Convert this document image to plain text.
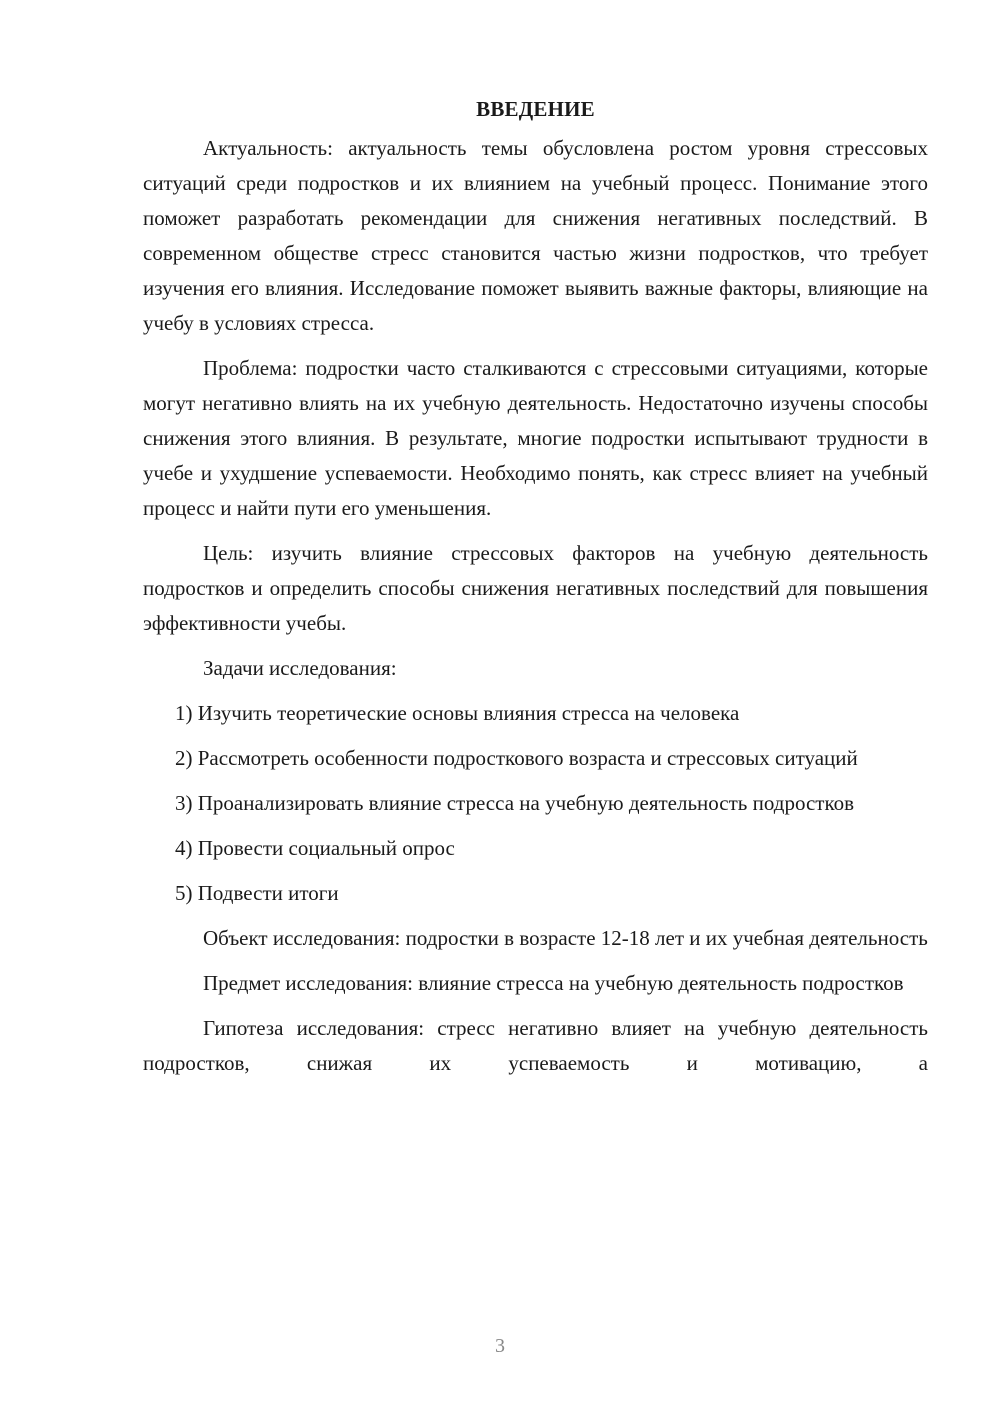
ВВЕДЕНИЕ

Актуальность: актуальность темы обусловлена ростом уровня стрессовых ситуаций среди подростков и их влиянием на учебный процесс. Понимание этого поможет разработать рекомендации для снижения негативных последствий. В современном обществе стресс становится частью жизни подростков, что требует изучения его влияния. Исследование поможет выявить важные факторы, влияющие на учебу в условиях стресса.

Проблема: подростки часто сталкиваются с стрессовыми ситуациями, которые могут негативно влиять на их учебную деятельность. Недостаточно изучены способы снижения этого влияния. В результате, многие подростки испытывают трудности в учебе и ухудшение успеваемости. Необходимо понять, как стресс влияет на учебный процесс и найти пути его уменьшения.

Цель: изучить влияние стрессовых факторов на учебную деятельность подростков и определить способы снижения негативных последствий для повышения эффективности учебы.

Задачи исследования:

1) Изучить теоретические основы влияния стресса на человека

2) Рассмотреть особенности подросткового возраста и стрессовых ситуаций

3) Проанализировать влияние стресса на учебную деятельность подростков

4) Провести социальный опрос

5) Подвести итоги

Объект исследования: подростки в возрасте 12-18 лет и их учебная деятельность

Предмет исследования: влияние стресса на учебную деятельность подростков

Гипотеза исследования: стресс негативно влияет на учебную деятельность подростков, снижая их успеваемость и мотивацию, а

3
